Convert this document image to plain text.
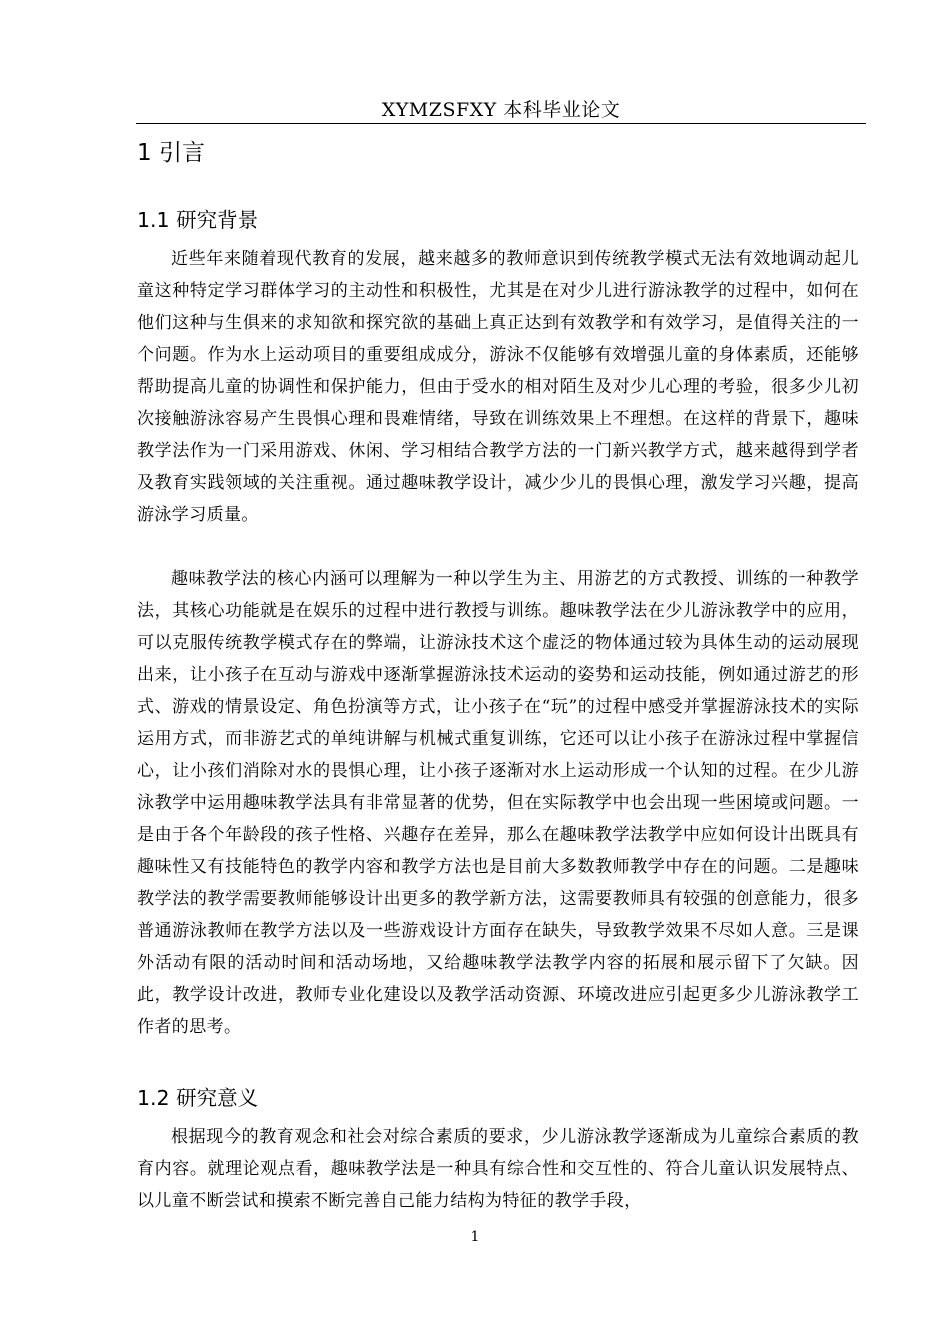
XYMZSFXY 本科毕业论文
1 引言
1.1 研究背景

近些年来随着现代教育的发展，越来越多的教师意识到传统教学模式无法有效地调动起儿童这种特定学习群体学习的主动性和积极性，尤其是在对少儿进行游泳教学的过程中，如何在他们这种与生俱来的求知欲和探究欲的基础上真正达到有效教学和有效学习，是值得关注的一个问题。作为水上运动项目的重要组成成分，游泳不仅能够有效增强儿童的身体素质，还能够帮助提高儿童的协调性和保护能力，但由于受水的相对陌生及对少儿心理的考验，很多少儿初次接触游泳容易产生畏惧心理和畏难情绪，导致在训练效果上不理想。在这样的背景下，趣味教学法作为一门采用游戏、休闲、学习相结合教学方法的一门新兴教学方式，越来越得到学者及教育实践领域的关注重视。通过趣味教学设计，减少少儿的畏惧心理，激发学习兴趣，提高游泳学习质量。

趣味教学法的核心内涵可以理解为一种以学生为主、用游艺的方式教授、训练的一种教学法，其核心功能就是在娱乐的过程中进行教授与训练。趣味教学法在少儿游泳教学中的应用，可以克服传统教学模式存在的弊端，让游泳技术这个虚泛的物体通过较为具体生动的运动展现出来，让小孩子在互动与游戏中逐渐掌握游泳技术运动的姿势和运动技能，例如通过游艺的形式、游戏的情景设定、角色扮演等方式，让小孩子在“玩”的过程中感受并掌握游泳技术的实际运用方式，而非游艺式的单纯讲解与机械式重复训练，它还可以让小孩子在游泳过程中掌握信心，让小孩们消除对水的畏惧心理，让小孩子逐渐对水上运动形成一个认知的过程。在少儿游泳教学中运用趣味教学法具有非常显著的优势，但在实际教学中也会出现一些困境或问题。一是由于各个年龄段的孩子性格、兴趣存在差异，那么在趣味教学法教学中应如何设计出既具有趣味性又有技能特色的教学内容和教学方法也是目前大多数教师教学中存在的问题。二是趣味教学法的教学需要教师能够设计出更多的教学新方法，这需要教师具有较强的创意能力，很多普通游泳教师在教学方法以及一些游戏设计方面存在缺失，导致教学效果不尽如人意。三是课外活动有限的活动时间和活动场地，又给趣味教学法教学内容的拓展和展示留下了欠缺。因此，教学设计改进，教师专业化建设以及教学活动资源、环境改进应引起更多少儿游泳教学工作者的思考。

1.2 研究意义

根据现今的教育观念和社会对综合素质的要求，少儿游泳教学逐渐成为儿童综合素质的教育内容。就理论观点看，趣味教学法是一种具有综合性和交互性的、符合儿童认识发展特点、以儿童不断尝试和摸索不断完善自己能力结构为特征的教学手段，

1
